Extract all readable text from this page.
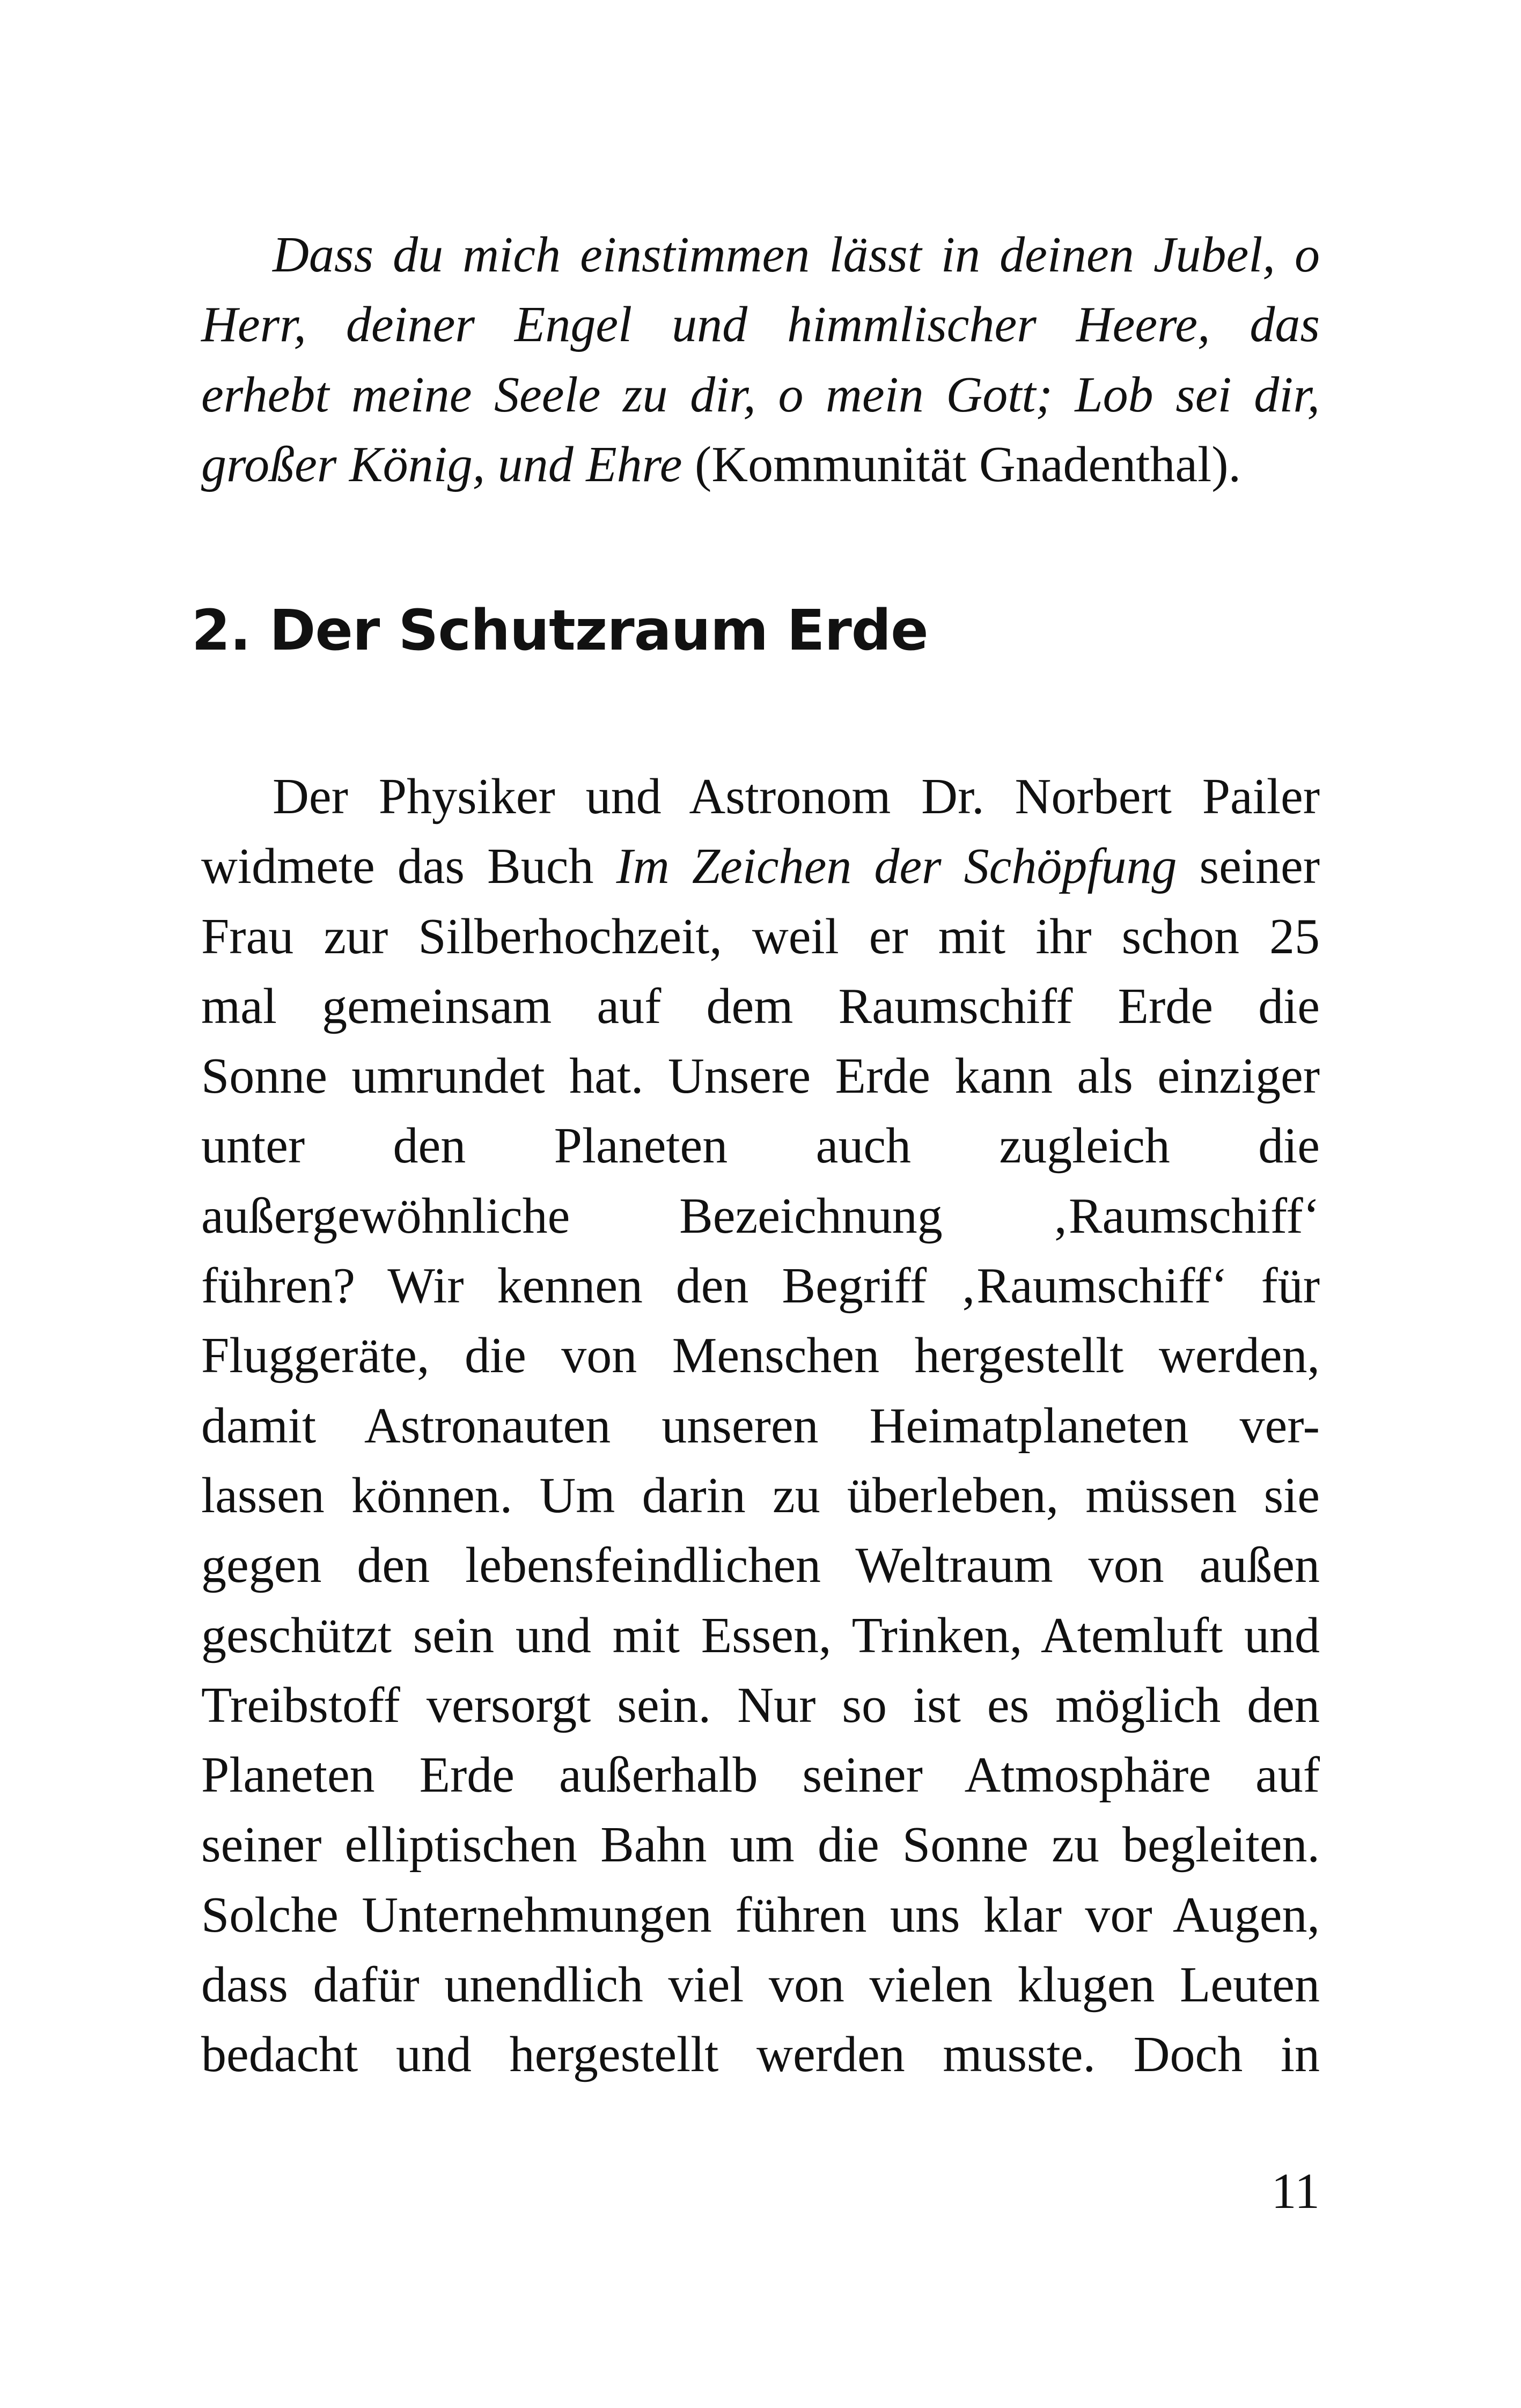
Dass du mich einstimmen lässt in deinen Jubel, o
Herr, deiner Engel und himmlischer Heere, das
erhebt meine Seele zu dir, o mein Gott; Lob sei dir,
großer König, und Ehre (Kommunität Gnadenthal).
2. Der Schutzraum Erde
Der Physiker und Astronom Dr. Norbert Pailer
widmete das Buch Im Zeichen der Schöpfung seiner
Frau zur Silberhochzeit, weil er mit ihr schon 25
mal gemeinsam auf dem Raumschiff Erde die
Sonne umrundet hat. Unsere Erde kann als einziger
unter den Planeten auch zugleich die
außergewöhnliche Bezeichnung ‚Raumschiff‘
führen? Wir kennen den Begriff ‚Raumschiff‘ für
Fluggeräte, die von Menschen hergestellt werden,
damit Astronauten unseren Heimatplaneten ver-
lassen können. Um darin zu überleben, müssen sie
gegen den lebensfeindlichen Weltraum von außen
geschützt sein und mit Essen, Trinken, Atemluft und
Treibstoff versorgt sein. Nur so ist es möglich den
Planeten Erde außerhalb seiner Atmosphäre auf
seiner elliptischen Bahn um die Sonne zu begleiten.
Solche Unternehmungen führen uns klar vor Augen,
dass dafür unendlich viel von vielen klugen Leuten
bedacht und hergestellt werden musste. Doch in
11
